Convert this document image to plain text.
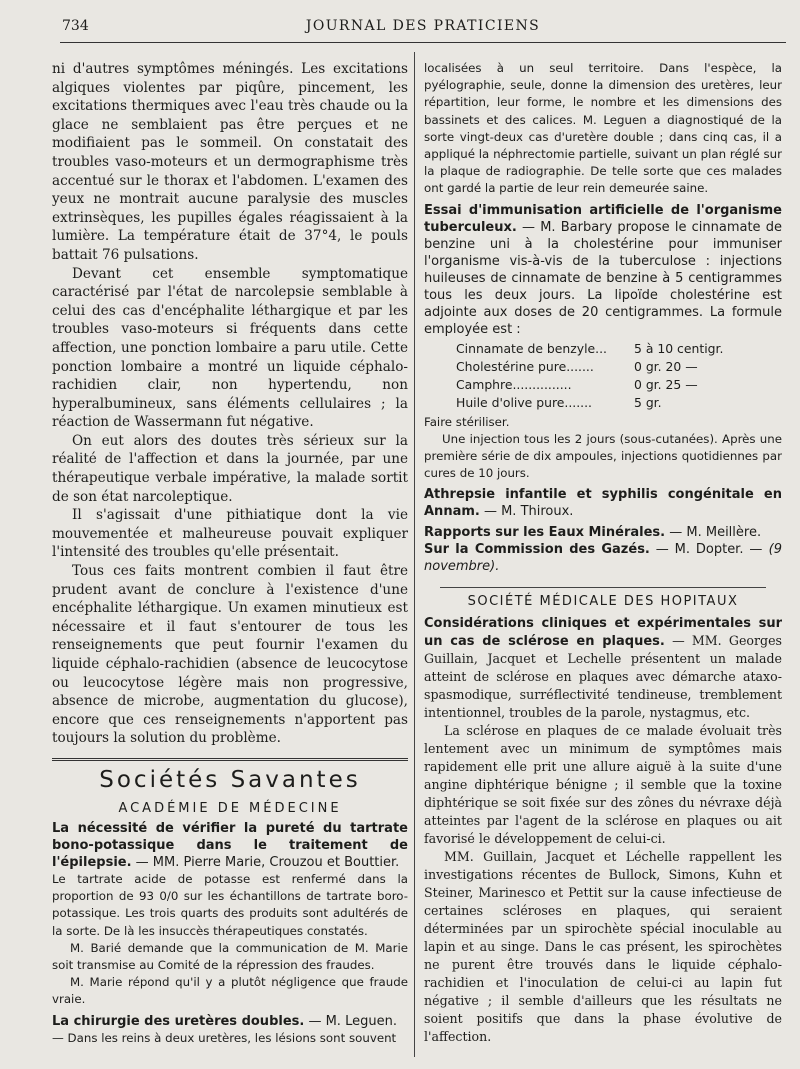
734	JOURNAL DES PRATICIENS

ni d'autres symptômes méningés. Les excitations algiques violentes par piqûre, pincement, les excitations thermiques avec l'eau très chaude ou la glace ne semblaient pas être perçues et ne modifiaient pas le sommeil. On constatait des troubles vaso-moteurs et un dermographisme très accentué sur le thorax et l'abdomen. L'examen des yeux ne montrait aucune paralysie des muscles extrinsèques, les pupilles égales réagissaient à la lumière. La température était de 37°4, le pouls battait 76 pulsations.

Devant cet ensemble symptomatique caractérisé par l'état de narcolepsie semblable à celui des cas d'encéphalite léthargique et par les troubles vaso-moteurs si fréquents dans cette affection, une ponction lombaire a paru utile. Cette ponction lombaire a montré un liquide céphalo-rachidien clair, non hypertendu, non hyperalbumineux, sans éléments cellulaires ; la réaction de Wassermann fut négative.

On eut alors des doutes très sérieux sur la réalité de l'affection et dans la journée, par une thérapeutique verbale impérative, la malade sortit de son état narcoleptique.

Il s'agissait d'une pithiatique dont la vie mouvementée et malheureuse pouvait expliquer l'intensité des troubles qu'elle présentait.

Tous ces faits montrent combien il faut être prudent avant de conclure à l'existence d'une encéphalite léthargique. Un examen minutieux est nécessaire et il faut s'entourer de tous les renseignements que peut fournir l'examen du liquide céphalo-rachidien (absence de leucocytose ou leucocytose légère mais non progressive, absence de microbe, augmentation du glucose), encore que ces renseignements n'apportent pas toujours la solution du problème.

Sociétés Savantes
ACADÉMIE DE MÉDECINE

La nécessité de vérifier la pureté du tartrate bono-potassique dans le traitement de l'épilepsie. — MM. Pierre Marie, Crouzou et Bouttier.

Le tartrate acide de potasse est renfermé dans la proportion de 93 0/0 sur les échantillons de tartrate boro-potassique. Les trois quarts des produits sont adultérés de la sorte. De là les insuccès thérapeutiques constatés.

M. Barié demande que la communication de M. Marie soit transmise au Comité de la répression des fraudes.

M. Marie répond qu'il y a plutôt négligence que fraude vraie.

La chirurgie des uretères doubles. — M. Leguen.

— Dans les reins à deux uretères, les lésions sont souvent

localisées à un seul territoire. Dans l'espèce, la pyélographie, seule, donne la dimension des uretères, leur répartition, leur forme, le nombre et les dimensions des bassinets et des calices. M. Leguen a diagnostiqué de la sorte vingt-deux cas d'uretère double ; dans cinq cas, il a appliqué la néphrectomie partielle, suivant un plan réglé sur la plaque de radiographie. De telle sorte que ces malades ont gardé la partie de leur rein demeurée saine.

Essai d'immunisation artificielle de l'organisme tuberculeux. — M. Barbary propose le cinnamate de benzine uni à la cholestérine pour immuniser l'organisme vis-à-vis de la tuberculose : injections huileuses de cinnamate de benzine à 5 centigrammes tous les deux jours. La lipoïde cholestérine est adjointe aux doses de 20 centigrammes. La formule employée est :

Cinnamate de benzyle...	5 à 10 centigr.
Cholestérine pure.......	0 gr. 20 —
Camphre...............	0 gr. 25 —
Huile d'olive pure.......	5 gr.

Faire stériliser.

Une injection tous les 2 jours (sous-cutanées). Après une première série de dix ampoules, injections quotidiennes par cures de 10 jours.

Athrepsie infantile et syphilis congénitale en Annam. — M. Thiroux.

Rapports sur les Eaux Minérales. — M. Meillère.

Sur la Commission des Gazés. — M. Dopter. — (9 novembre).

SOCIÉTÉ MÉDICALE DES HOPITAUX

Considérations cliniques et expérimentales sur un cas de sclérose en plaques. — MM. Georges Guillain, Jacquet et Lechelle présentent un malade atteint de sclérose en plaques avec démarche ataxo-spasmodique, surréflectivité tendineuse, tremblement intentionnel, troubles de la parole, nystagmus, etc.

La sclérose en plaques de ce malade évoluait très lentement avec un minimum de symptômes mais rapidement elle prit une allure aiguë à la suite d'une angine diphtérique bénigne ; il semble que la toxine diphtérique se soit fixée sur des zônes du névraxe déjà atteintes par l'agent de la sclérose en plaques ou ait favorisé le développement de celui-ci.

MM. Guillain, Jacquet et Léchelle rappellent les investigations récentes de Bullock, Simons, Kuhn et Steiner, Marinesco et Pettit sur la cause infectieuse de certaines scléroses en plaques, qui seraient déterminées par un spirochète spécial inoculable au lapin et au singe. Dans le cas présent, les spirochètes ne purent être trouvés dans le liquide céphalo-rachidien et l'inoculation de celui-ci au lapin fut négative ; il semble d'ailleurs que les résultats ne soient positifs que dans la phase évolutive de l'affection.
